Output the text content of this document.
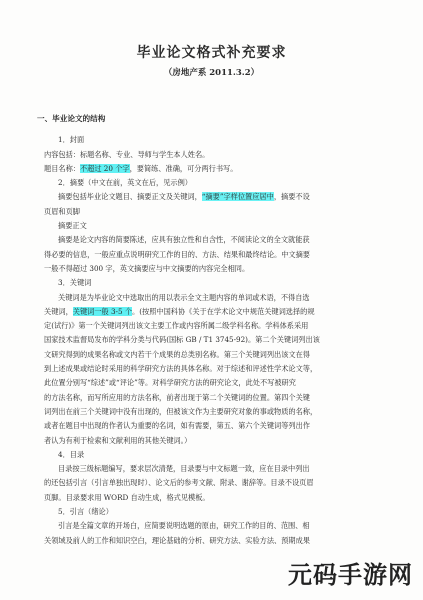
毕业论文格式补充要求
（房地产系 2011.3.2）
一、毕业论文的结构
1．封面
内容包括：标题名称、专业、导师与学生本人姓名。
题目名称：不超过 20 个字，要简练、准确，可分两行书写。
2．摘要（中文在前，英文在后，见示例）
摘要包括毕业论文题目、摘要正文及关键词，“摘要”字样位置应居中，摘要不设
页眉和页脚
摘要正文
摘要是论文内容的简要陈述，应具有独立性和自含性，不阅读论文的全文就能获
得必要的信息，一般应重点说明研究工作的目的、方法、结果和最终结论。中文摘要
一般不得超过 300 字，英文摘要应与中文摘要的内容完全相同。
3．关键词
关键词是为毕业论文中选取出的用以表示全文主题内容的单词或术语，不得自选
关键词，关键词一般 3-5 个。(按照中国科协《关于在学术论文中规范关键词选择的规
定(试行)》第一个关键词列出该文主要工作或内容所属二级学科名称。学科体系采用
国家技术监督局发布的学科分类与代码(国标 GB / T1 3745-92)。第二个关键词列出该
文研究得到的成果名称或文内若干个成果的总类别名称。第三个关键词列出该文在得
到上述成果或结论时采用的科学研究方法的具体名称。对于综述和评述性学术论文等，
此位置分别写“综述”或“评论”等。对科学研究方法的研究论文，此处不写被研究
的方法名称，而写所应用的方法名称，前者出现于第二个关键词的位置。第四个关键
词列出在前三个关键词中没有出现的，但被该文作为主要研究对象的事或物质的名称，
或者在题目中出现的作者认为重要的名词，如有需要，第五、第六个关键词等列出作
者认为有利于检索和文献利用的其他关键词。）
4．目录
目录按三级标题编写，要求层次清楚，目录要与中文标题一致，应在目录中列出
的还包括引言（引言单独出现时）、论文后的参考文献、附录、谢辞等。目录不设页眉
页脚。目录要求用 WORD 自动生成，格式见模板。
5．引言（绪论）
引言是全篇文章的开场白，应简要说明选题的原由，研究工作的目的、范围、相
关领域及前人的工作和知识空白，理论基础的分析、研究方法、实验方法、预期成果
元码手游网
